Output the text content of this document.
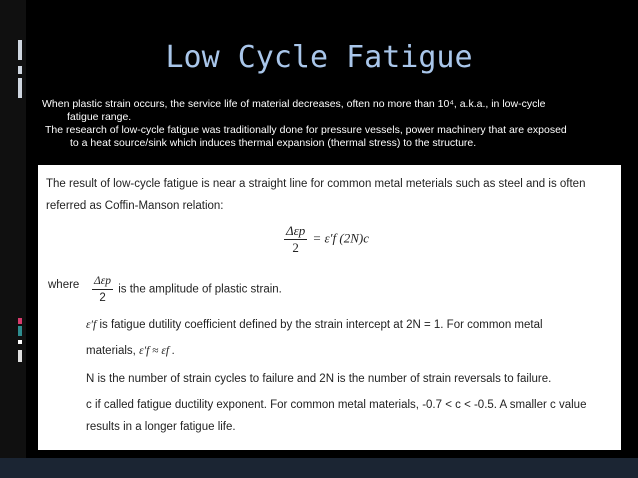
Low Cycle Fatigue
When plastic strain occurs, the service life of material decreases, often no more than 10⁴, a.k.a., in low-cycle
fatigue range.
The research of low-cycle fatigue was traditionally done for pressure vessels, power machinery that are exposed
to a heat source/sink which induces thermal expansion (thermal stress) to the structure.
The result of low-cycle fatigue is near a straight line for common metal meterials such as steel and is often referred as Coffin-Manson relation:
$\frac{\text{Δεp}}{2} = \varepsilon'f$ (2N)c
where $\frac{\text{Δεp}}{2}$ is the amplitude of plastic strain.
ε′f is fatigue dutility coefficient defined by the strain intercept at 2N = 1. For common metal
materials, ε′f ≈ εf .
N is the number of strain cycles to failure and 2N is the number of strain reversals to failure.
c if called fatigue ductility exponent. For common metal materials, -0.7 < c < -0.5. A smaller c value
results in a longer fatigue life.
